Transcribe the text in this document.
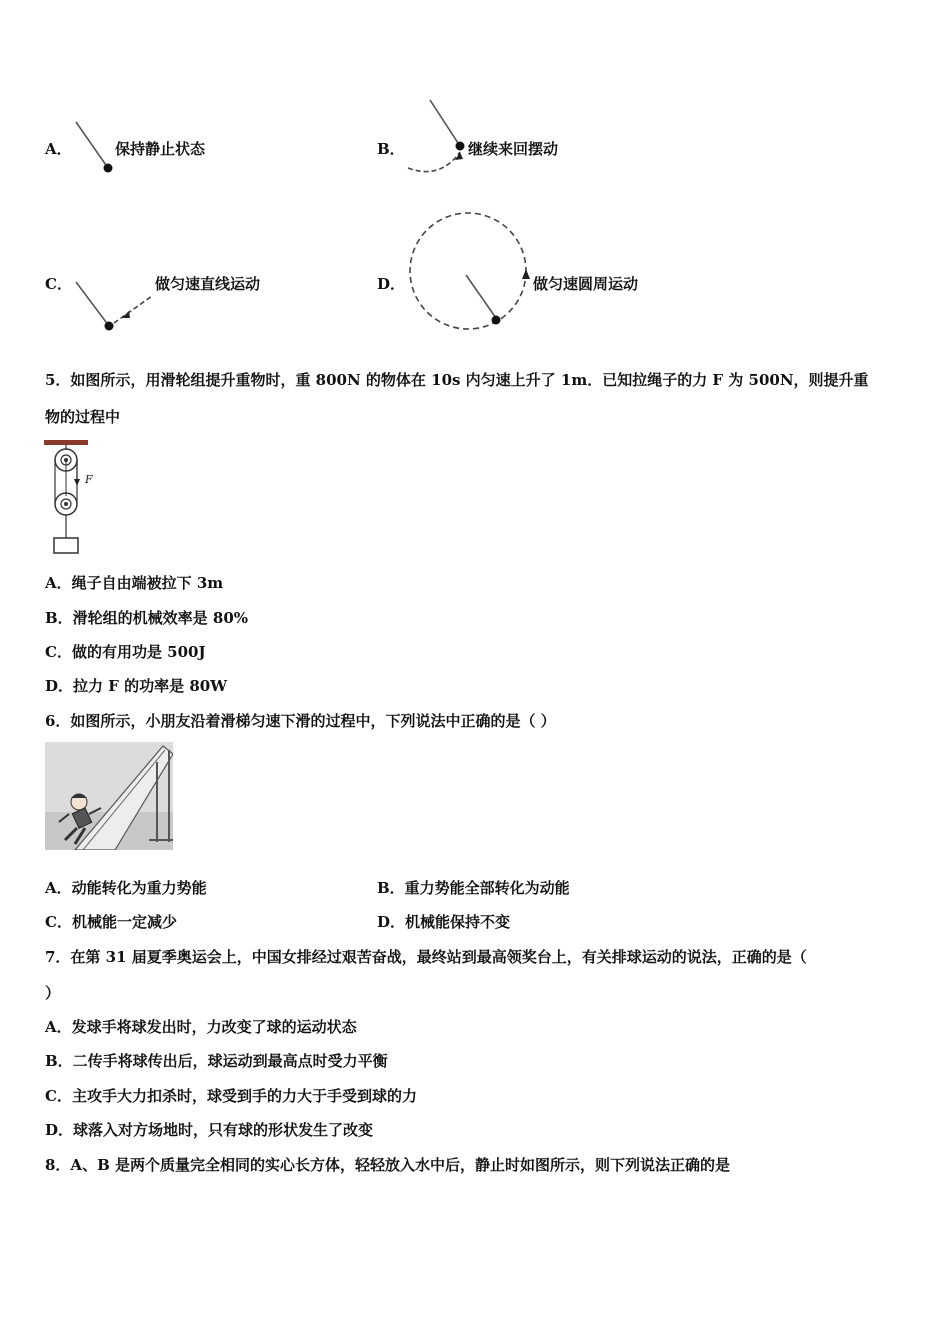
A．	保持静止状态	B．	继续来回摆动
C．	做匀速直线运动	D．	做匀速圆周运动
5．如图所示，用滑轮组提升重物时，重 800N 的物体在 10s 内匀速上升了 1m．已知拉绳子的力 F 为 500N，则提升重
物的过程中
F
A．绳子自由端被拉下 3m
B．滑轮组的机械效率是 80%
C．做的有用功是 500J
D．拉力 F 的功率是 80W
6．如图所示，小朋友沿着滑梯匀速下滑的过程中，下列说法中正确的是（ ）
A．动能转化为重力势能	B．重力势能全部转化为动能
C．机械能一定减少	D．机械能保持不变
7．在第 31 届夏季奥运会上，中国女排经过艰苦奋战，最终站到最高领奖台上，有关排球运动的说法，正确的是（
）
A．发球手将球发出时，力改变了球的运动状态
B．二传手将球传出后，球运动到最高点时受力平衡
C．主攻手大力扣杀时，球受到手的力大于手受到球的力
D．球落入对方场地时，只有球的形状发生了改变
8．A、B 是两个质量完全相同的实心长方体，轻轻放入水中后，静止时如图所示，则下列说法正确的是
